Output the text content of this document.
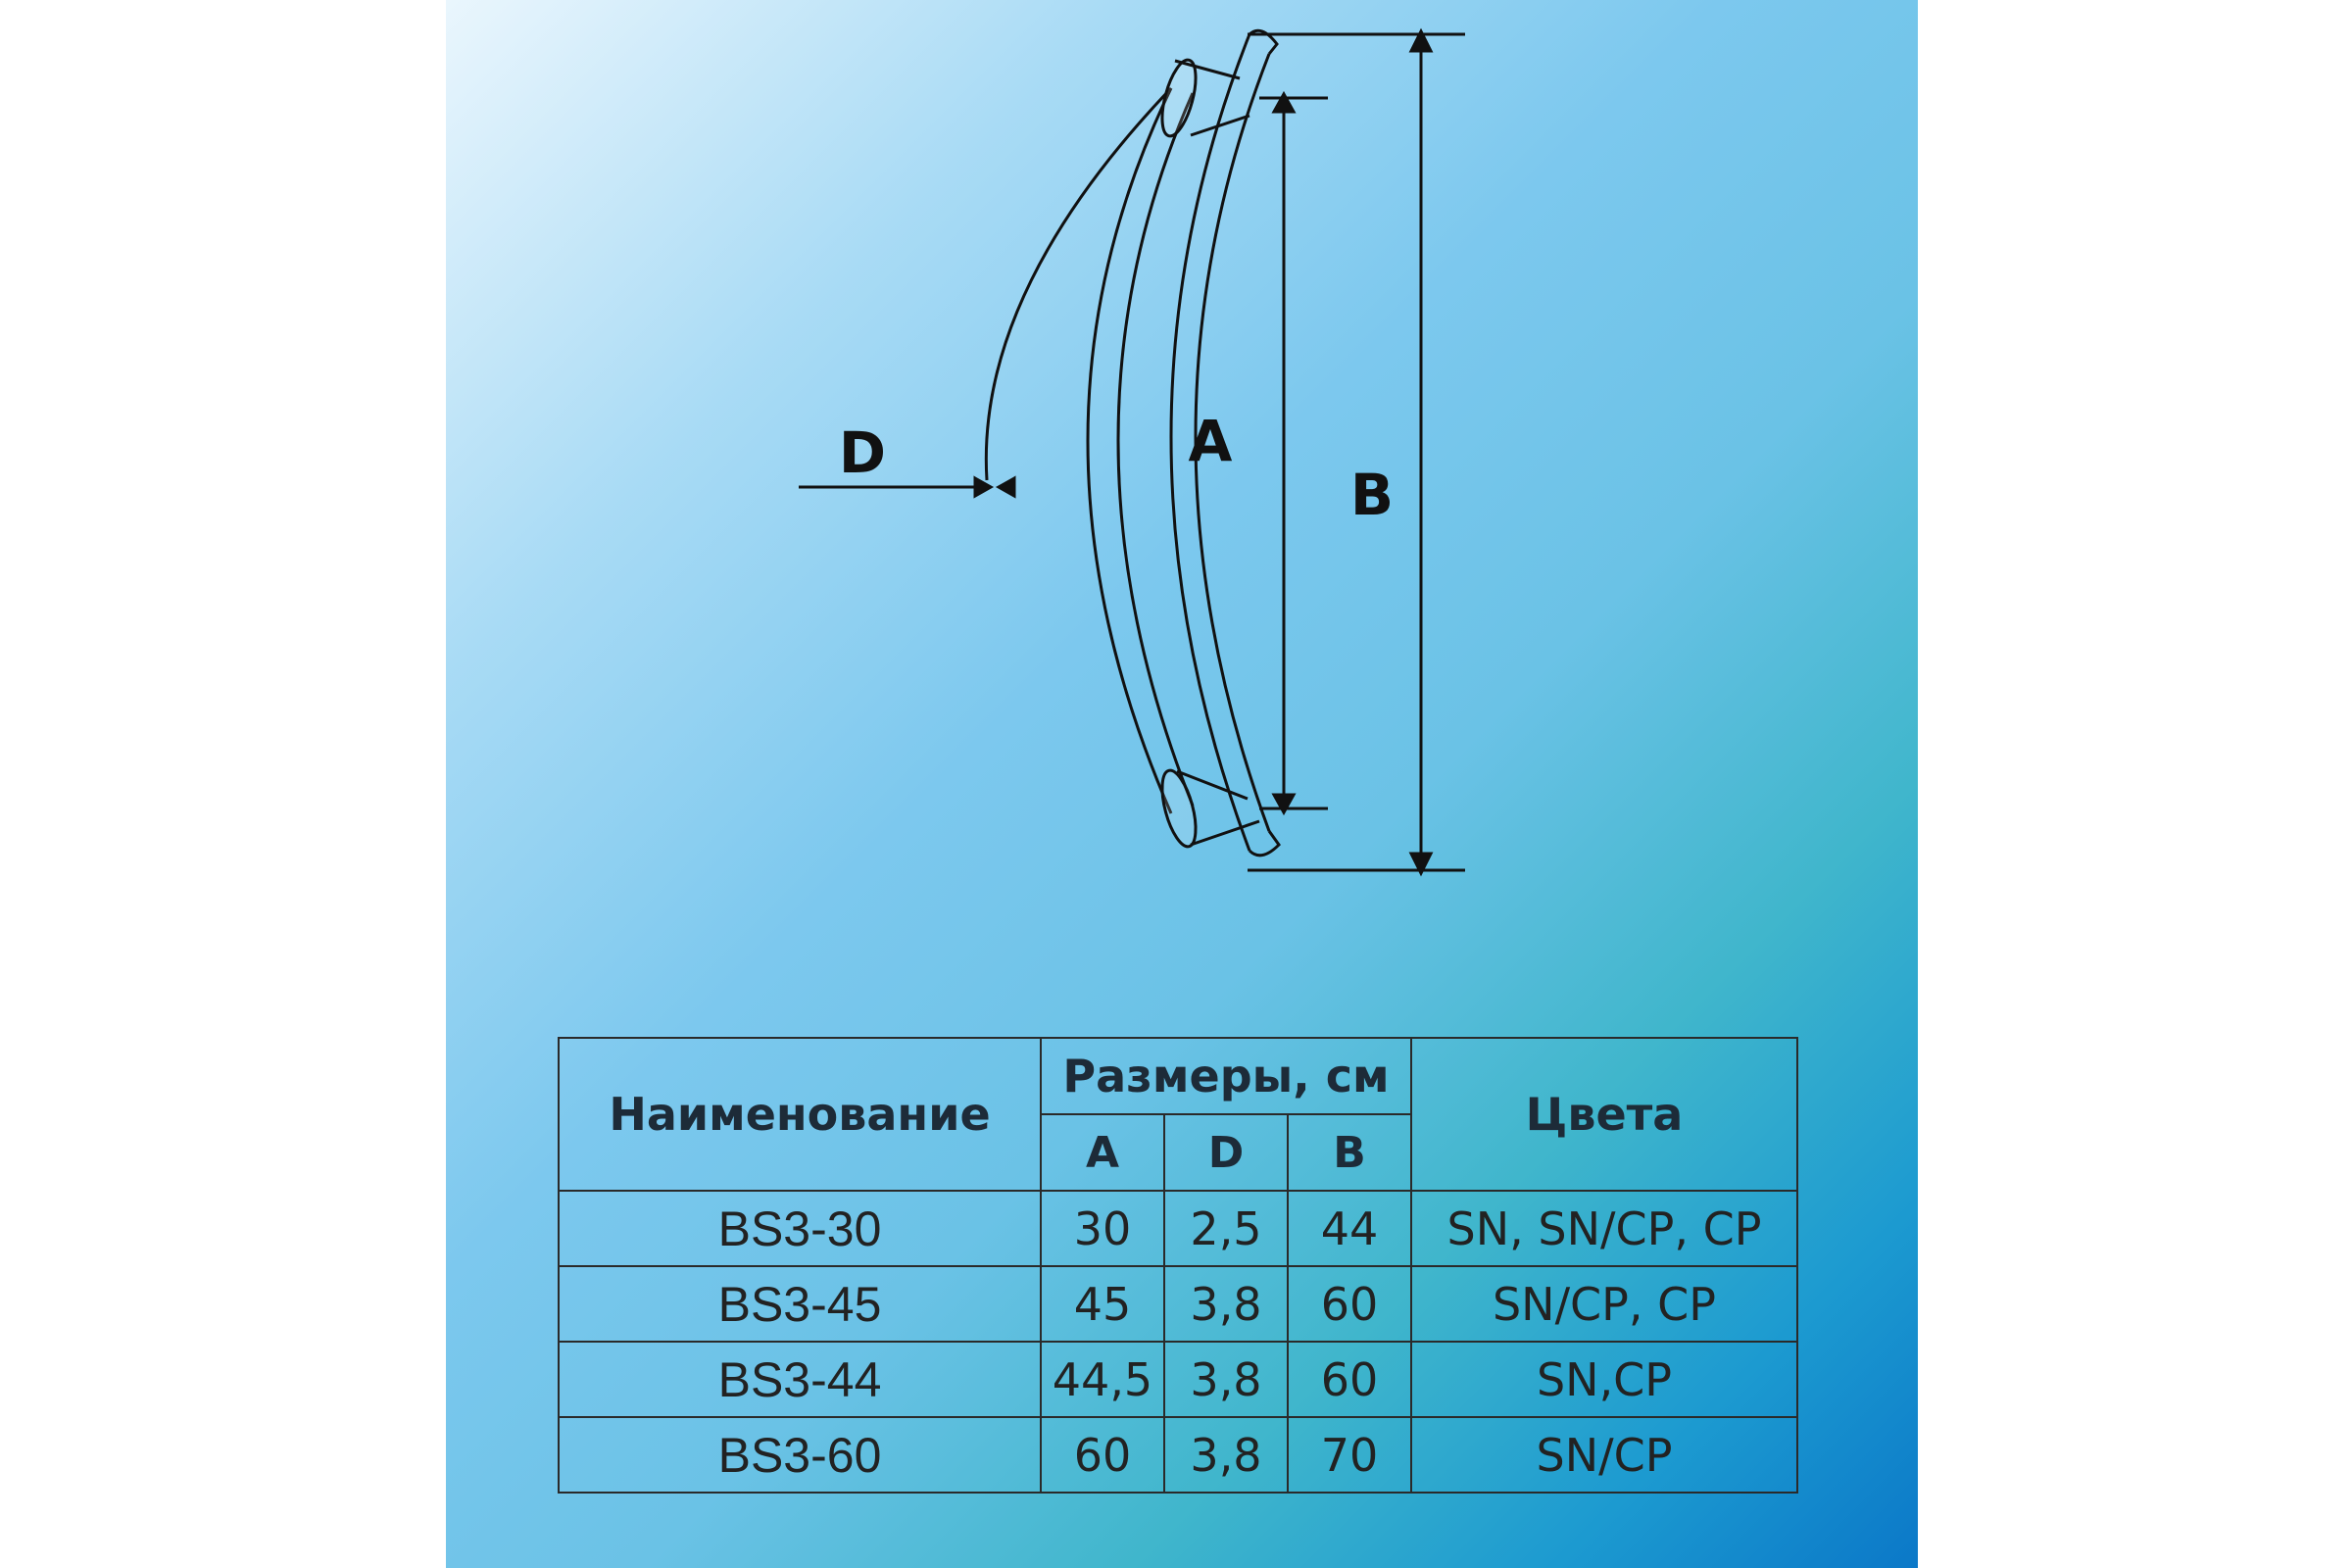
D	A
B
Наименование	Размеры, см			Цвета
	A	D	B	
BS3-30	30	2,5	44	SN, SN/CP, CP
BS3-45	45	3,8	60	SN/CP, CP
BS3-44	44,5	3,8	60	SN,CP
BS3-60	60	3,8	70	SN/CP
